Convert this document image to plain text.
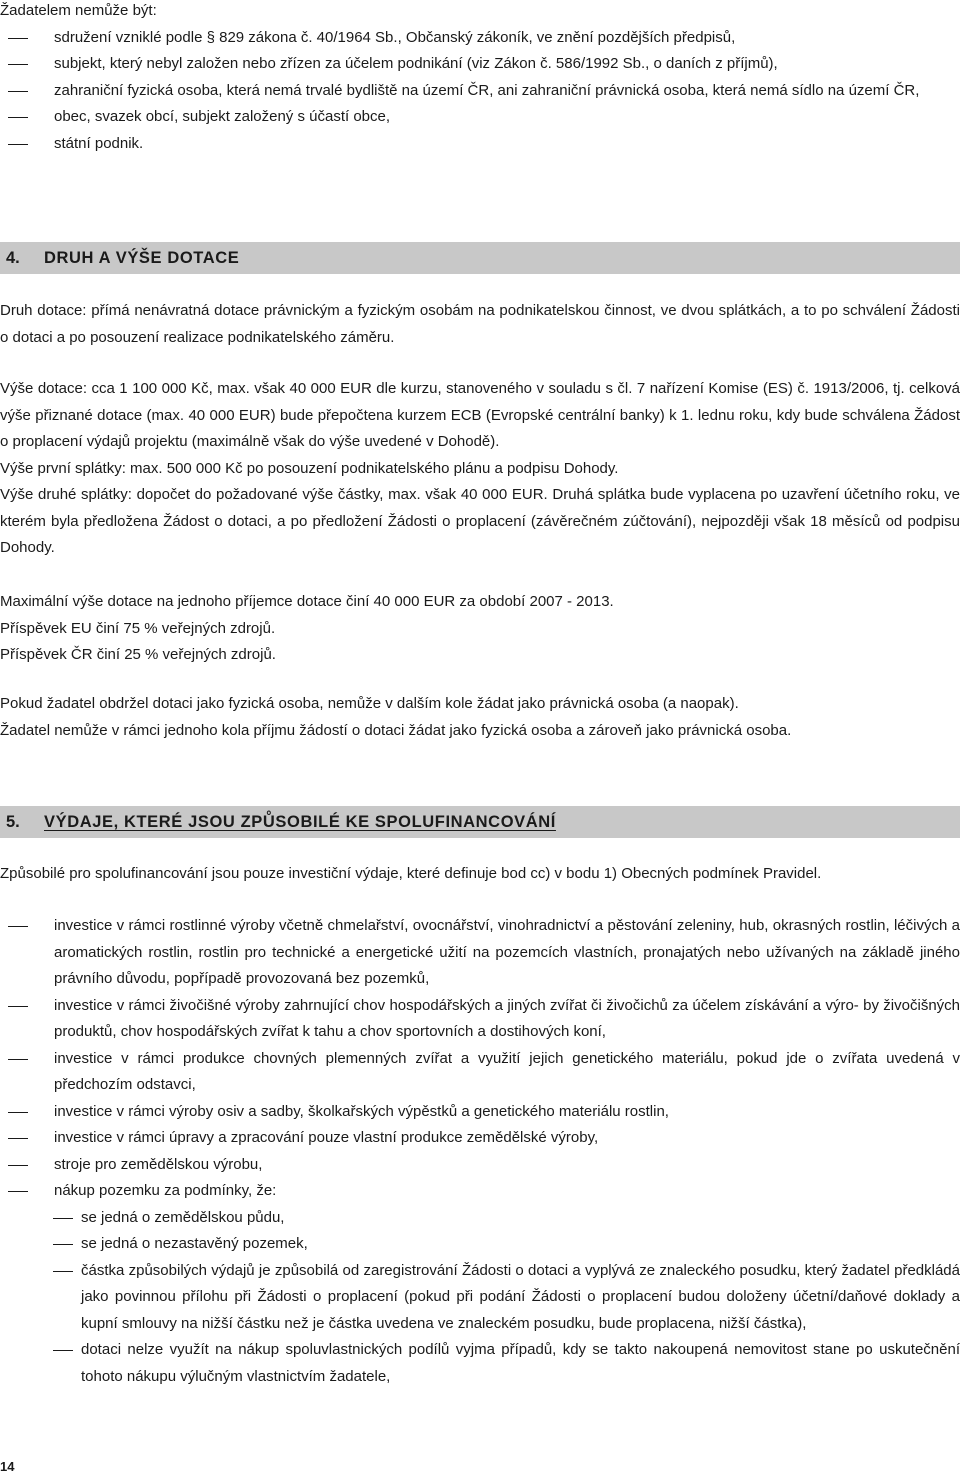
Žadatelem nemůže být:

sdružení vzniklé podle § 829 zákona č. 40/1964 Sb., Občanský zákoník, ve znění pozdějších předpisů,
subjekt, který nebyl založen nebo zřízen za účelem podnikání (viz Zákon č. 586/1992 Sb., o daních z příjmů),
zahraniční fyzická osoba, která nemá trvalé bydliště na území ČR, ani zahraniční právnická osoba, která nemá sídlo na území ČR,
obec, svazek obcí, subjekt založený s účastí obce,
státní podnik.
4.	DRUH A VÝŠE DOTACE

Druh dotace: přímá nenávratná dotace právnickým a fyzickým osobám na podnikatelskou činnost, ve dvou splátkách, a to po schválení Žádosti o dotaci a po posouzení realizace podnikatelského záměru.

Výše dotace: cca 1 100 000 Kč, max. však 40 000 EUR dle kurzu, stanoveného v souladu s čl. 7 nařízení Komise (ES) č. 1913/2006, tj. celková výše přiznané dotace (max. 40 000 EUR) bude přepočtena kurzem ECB (Evropské centrální banky) k 1. lednu roku, kdy bude schválena Žádost o proplacení výdajů projektu (maximálně však do výše uvedené v Dohodě).

Výše první splátky: max. 500 000 Kč po posouzení podnikatelského plánu a podpisu Dohody.

Výše druhé splátky: dopočet do požadované výše částky, max. však 40 000 EUR. Druhá splátka bude vyplacena po uzavření účetního roku, ve kterém byla předložena Žádost o dotaci, a po předložení Žádosti o proplacení (závěrečném zúčtování), nejpozději však 18 měsíců od podpisu Dohody.

Maximální výše dotace na jednoho příjemce dotace činí 40 000 EUR za období 2007 - 2013.

Příspěvek EU činí 75 % veřejných zdrojů.

Příspěvek ČR činí 25 % veřejných zdrojů.

Pokud žadatel obdržel dotaci jako fyzická osoba, nemůže v dalším kole žádat jako právnická osoba (a naopak).

Žadatel nemůže v rámci jednoho kola příjmu žádostí o dotaci žádat jako fyzická osoba a zároveň jako právnická osoba.

5.	VÝDAJE, KTERÉ JSOU ZPŮSOBILÉ KE SPOLUFINANCOVÁNÍ

Způsobilé pro spolufinancování jsou pouze investiční výdaje, které definuje bod cc) v bodu 1) Obecných podmínek Pravidel.

investice v rámci rostlinné výroby včetně chmelařství, ovocnářství, vinohradnictví a pěstování zeleniny, hub, okrasných rostlin, léčivých a aromatických rostlin, rostlin pro technické a energetické užití na pozemcích vlastních, pronajatých nebo užívaných na základě jiného právního důvodu, popřípadě provozovaná bez pozemků,
investice v rámci živočišné výroby zahrnující chov hospodářských a jiných zvířat či živočichů za účelem získávání a výro- by živočišných produktů, chov hospodářských zvířat k tahu a chov sportovních a dostihových koní,
investice v rámci produkce chovných plemenných zvířat a využití jejich genetického materiálu, pokud jde o zvířata uvedená v předchozím odstavci,
investice v rámci výroby osiv a sadby, školkařských výpěstků a genetického materiálu rostlin,
investice v rámci úpravy a zpracování pouze vlastní produkce zemědělské výroby,
stroje pro zemědělskou výrobu,
nákup pozemku za podmínky, že:
se jedná o zemědělskou půdu,
se jedná o nezastavěný pozemek,
částka způsobilých výdajů je způsobilá od zaregistrování Žádosti o dotaci a vyplývá ze znaleckého posudku, který žadatel předkládá jako povinnou přílohu při Žádosti o proplacení (pokud při podání Žádosti o proplacení budou doloženy účetní/daňové doklady a kupní smlouvy na nižší částku než je částka uvedena ve znaleckém posudku, bude proplacena, nižší částka),
dotaci nelze využít na nákup spoluvlastnických podílů vyjma případů, kdy se takto nakoupená nemovitost stane po uskutečnění tohoto nákupu výlučným vlastnictvím žadatele,
14
